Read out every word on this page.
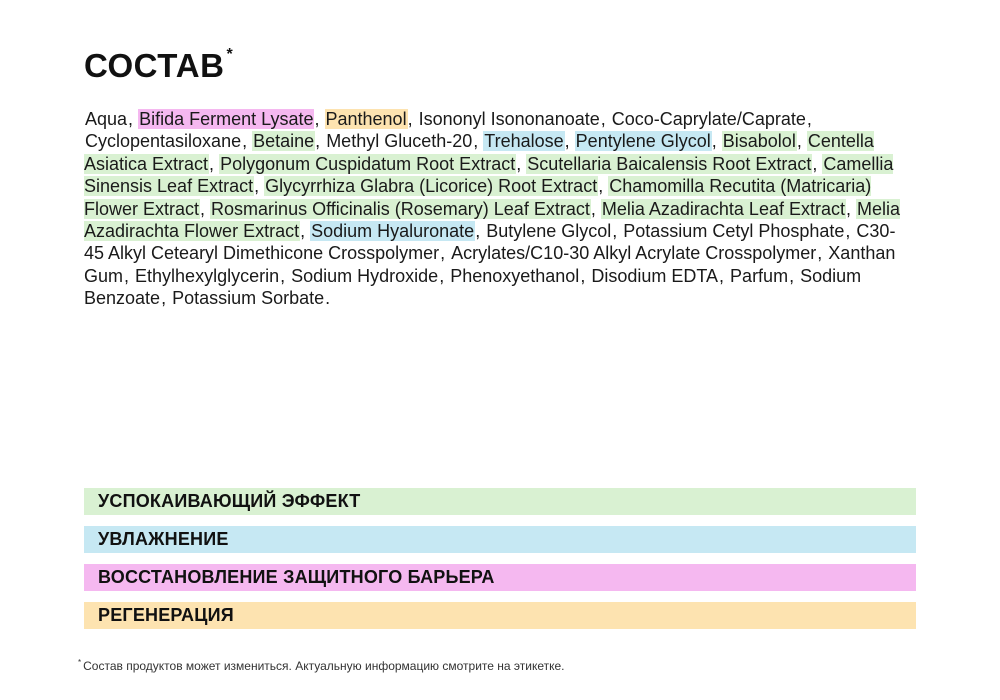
СОСТАВ *

Aqua, Bifida Ferment Lysate, Panthenol, Isononyl Isononanoate, Coco-Caprylate/Caprate, Cyclopentasiloxane, Betaine, Methyl Gluceth-20, Trehalose, Pentylene Glycol, Bisabolol, Centella Asiatica Extract, Polygonum Cuspidatum Root Extract, Scutellaria Baicalensis Root Extract, Camellia Sinensis Leaf Extract, Glycyrrhiza Glabra (Licorice) Root Extract, Chamomilla Recutita (Matricaria) Flower Extract, Rosmarinus Officinalis (Rosemary) Leaf Extract, Melia Azadirachta Leaf Extract, Melia Azadirachta Flower Extract, Sodium Hyaluronate, Butylene Glycol, Potassium Cetyl Phosphate, C30-45 Alkyl Cetearyl Dimethicone Crosspolymer, Acrylates/C10-30 Alkyl Acrylate Crosspolymer, Xanthan Gum, Ethylhexylglycerin, Sodium Hydroxide, Phenoxyethanol, Disodium EDTA, Parfum, Sodium Benzoate, Potassium Sorbate.

УСПОКАИВАЮЩИЙ ЭФФЕКТ
УВЛАЖНЕНИЕ
ВОССТАНОВЛЕНИЕ ЗАЩИТНОГО БАРЬЕРА
РЕГЕНЕРАЦИЯ

* Состав продуктов может измениться. Актуальную информацию смотрите на этикетке.
